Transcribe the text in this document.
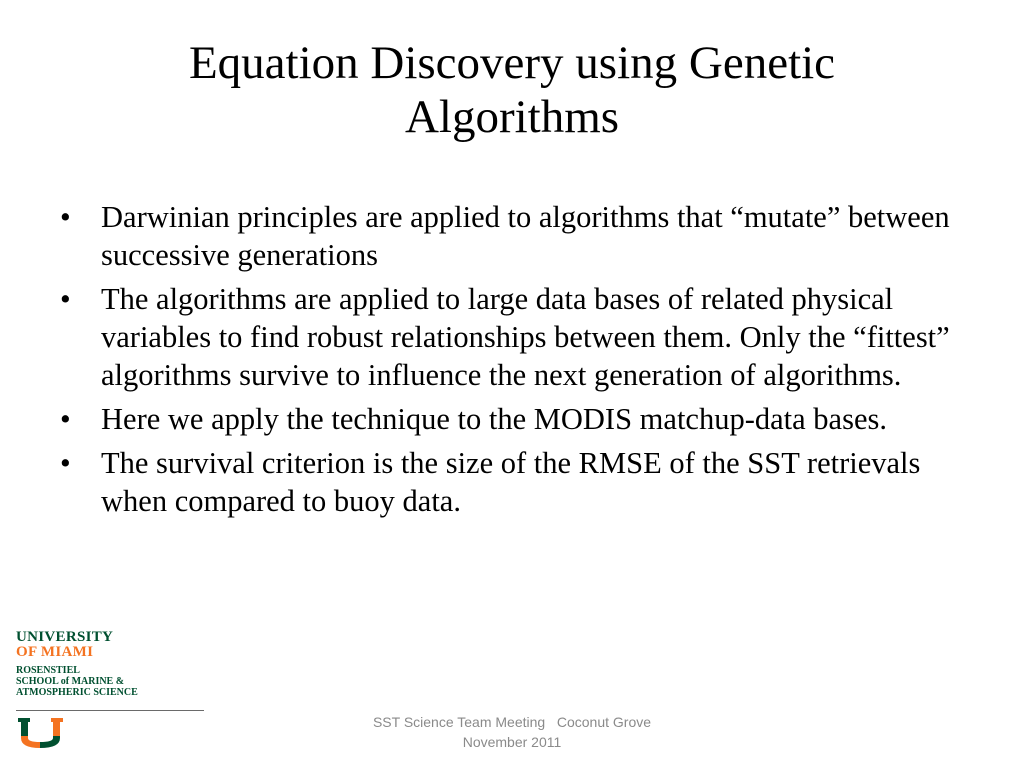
Equation Discovery using Genetic Algorithms
• Darwinian principles are applied to algorithms that “mutate” between successive generations
• The algorithms are applied to large data bases of related physical variables to find robust relationships between them. Only the “fittest” algorithms survive to influence the next generation of algorithms.
• Here we apply the technique to the MODIS matchup-data bases.
• The survival criterion is the size of the RMSE of the SST retrievals when compared to buoy data.

UNIVERSITY

OF MIAMI

ROSENSTIEL
SCHOOL of MARINE &
ATMOSPHERIC SCIENCE
SST Science Team Meeting   Coconut Grove
November 2011
